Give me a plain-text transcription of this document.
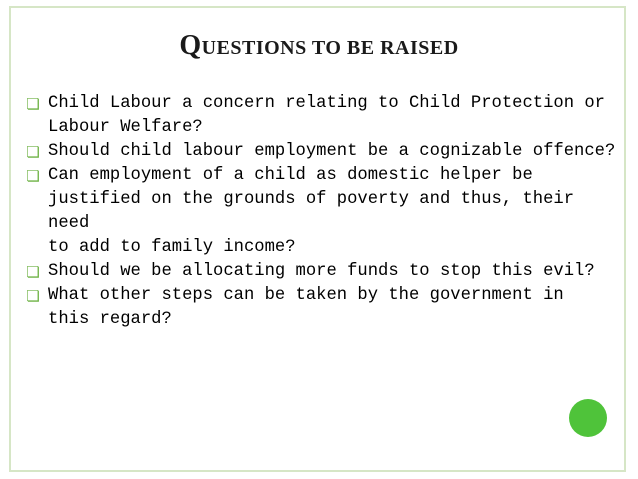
QUESTIONS TO BE RAISED
❏ Child Labour a concern relating to Child Protection or
Labour Welfare?
❏ Should child labour employment be a cognizable offence?
❏ Can employment of a child as domestic helper be
justified on the grounds of poverty and thus, their need
to add to family income?
❏ Should we be allocating more funds to stop this evil?
❏ What other steps can be taken by the government in
this regard?
